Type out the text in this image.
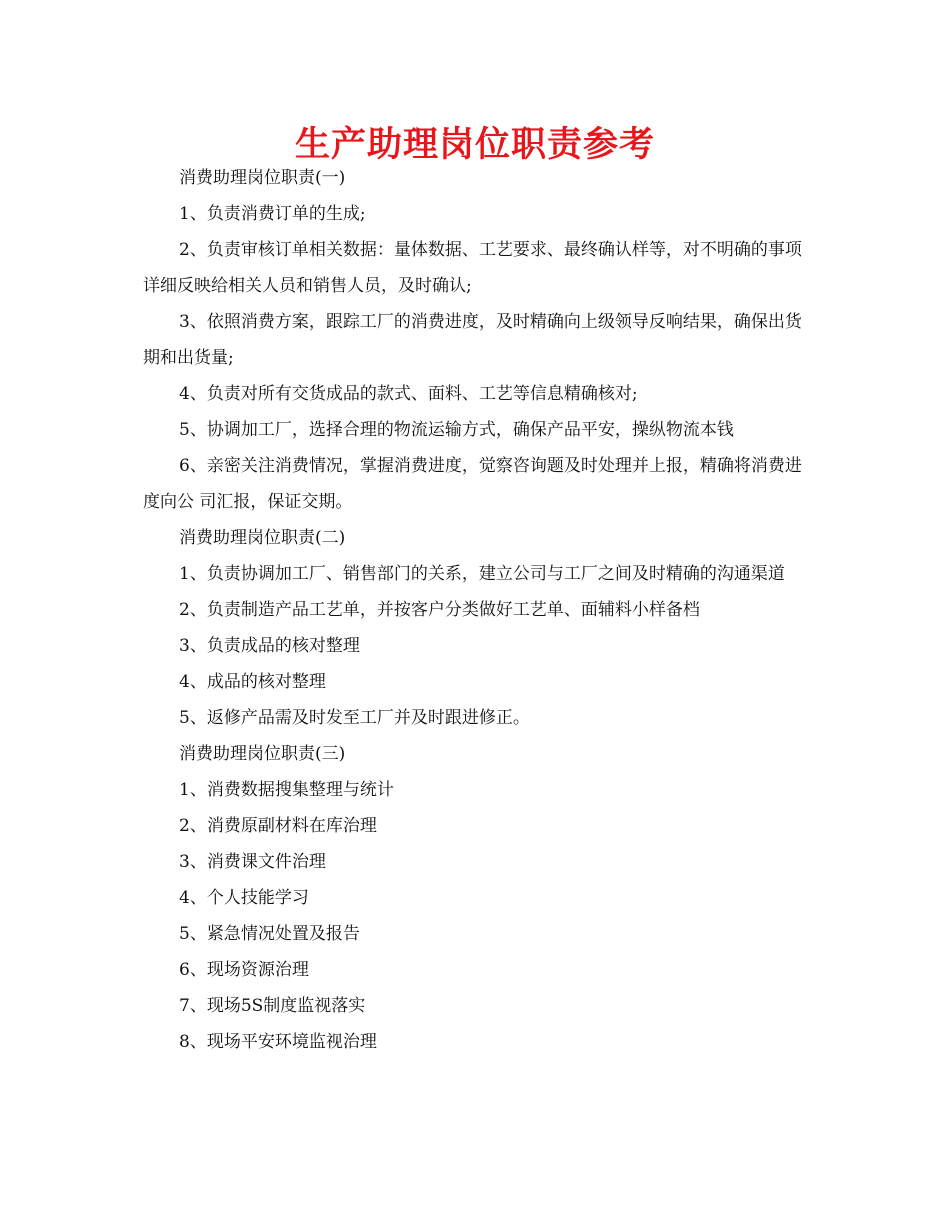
生产助理岗位职责参考

消费助理岗位职责(一)

1、负责消费订单的生成;

2、负责审核订单相关数据：量体数据、工艺要求、最终确认样等，对不明确的事项详细反映给相关人员和销售人员，及时确认;

3、依照消费方案，跟踪工厂的消费进度，及时精确向上级领导反响结果，确保出货期和出货量;

4、负责对所有交货成品的款式、面料、工艺等信息精确核对;

5、协调加工厂，选择合理的物流运输方式，确保产品平安，操纵物流本钱

6、亲密关注消费情况，掌握消费进度，觉察咨询题及时处理并上报，精确将消费进度向公 司汇报，保证交期。

消费助理岗位职责(二)

1、负责协调加工厂、销售部门的关系，建立公司与工厂之间及时精确的沟通渠道

2、负责制造产品工艺单，并按客户分类做好工艺单、面辅料小样备档

3、负责成品的核对整理

4、成品的核对整理

5、返修产品需及时发至工厂并及时跟进修正。

消费助理岗位职责(三)

1、消费数据搜集整理与统计

2、消费原副材料在库治理

3、消费课文件治理

4、个人技能学习

5、紧急情况处置及报告

6、现场资源治理

7、现场5S制度监视落实

8、现场平安环境监视治理
